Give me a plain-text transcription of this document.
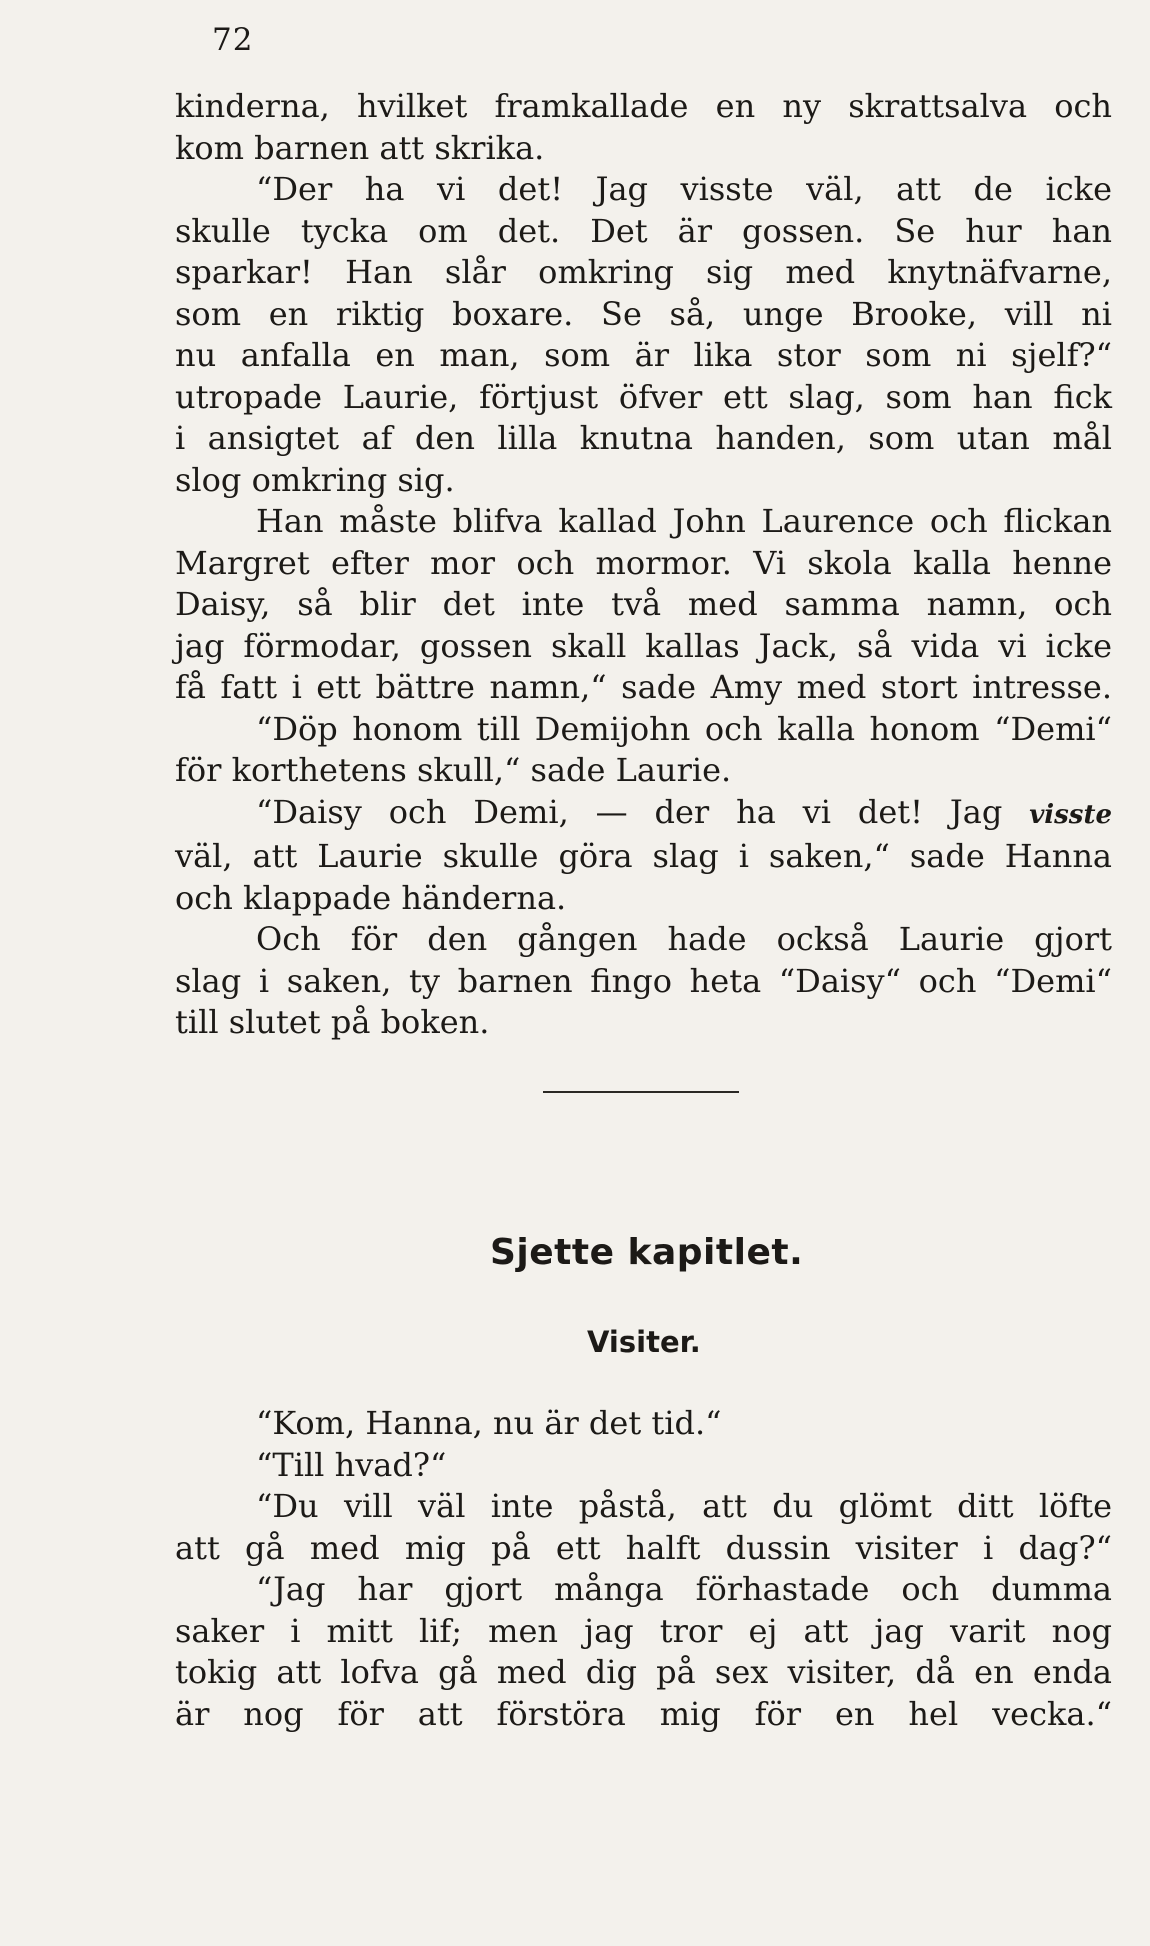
72
kinderna, hvilket framkallade en ny skrattsalva och
kom barnen att skrika.
“Der ha vi det! Jag visste väl, att de icke
skulle tycka om det. Det är gossen. Se hur han
sparkar! Han slår omkring sig med knytnäfvarne,
som en riktig boxare. Se så, unge Brooke, vill ni
nu anfalla en man, som är lika stor som ni sjelf?“
utropade Laurie, förtjust öfver ett slag, som han fick
i ansigtet af den lilla knutna handen, som utan mål
slog omkring sig.
Han måste blifva kallad John Laurence och flickan
Margret efter mor och mormor. Vi skola kalla henne
Daisy, så blir det inte två med samma namn, och
jag förmodar, gossen skall kallas Jack, så vida vi icke
få fatt i ett bättre namn,“ sade Amy med stort intresse.
“Döp honom till Demijohn och kalla honom “Demi“
för korthetens skull,“ sade Laurie.
“Daisy och Demi, — der ha vi det! Jag visste
väl, att Laurie skulle göra slag i saken,“ sade Hanna
och klappade händerna.
Och för den gången hade också Laurie gjort
slag i saken, ty barnen fingo heta “Daisy“ och “Demi“
till slutet på boken.
Sjette kapitlet.
Visiter.
“Kom, Hanna, nu är det tid.“
“Till hvad?“
“Du vill väl inte påstå, att du glömt ditt löfte
att gå med mig på ett halft dussin visiter i dag?“
“Jag har gjort många förhastade och dumma
saker i mitt lif; men jag tror ej att jag varit nog
tokig att lofva gå med dig på sex visiter, då en enda
är nog för att förstöra mig för en hel vecka.“
